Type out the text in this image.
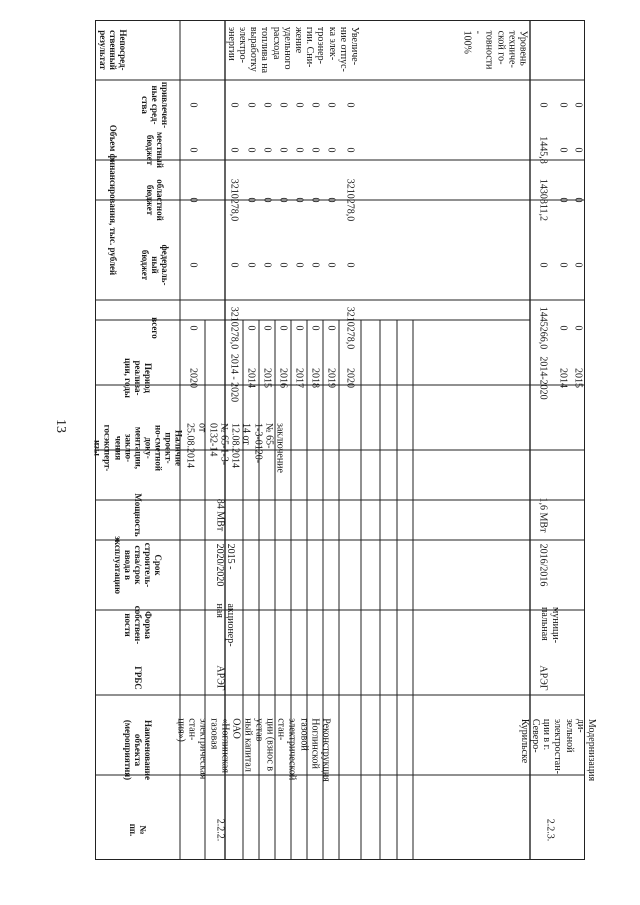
13
Непосред-
ственный
результат
Объем финансирования, тыс. рублей
привлечен-
ные сред-
ства
местный
бюджет
областной
бюджет
федераль-
ный бюджет
всего
Период реализа-
ции, годы
Наличие проект-
но-сметной доку-
ментации, заклю-
чения госэксперт-
изы
Мощность
Срок строитель-
ства/срок ввода в
эксплуатацию
Форма собствен-
ности
ГРБС
Наименование объекта
(мероприятия)
№
пп.
0
0
0
0
0
2020
Увеличе-
ние отпус-
ка элек-
троэнер-
гии. Сни-
жение
удельного
расхода
топлива на
выработку
электро-
энергии
заключение № 65-
1-3-0120-14 от
12.08.2014
№ 65-1-3-0132-14
от 25.08.2014
84 МВт
2015 -
2020/2020
акционер-
ная
АРЭГ
Реконструкция
Ноглинской газовой
электрической стан-
ции (взнос в устав-
ный капитал ОАО
«Ноглинская газовая
электрическая стан-
ция»)
2.2.2.
0
0
3210278,0
0
3210278,0
2014 - 2020
0
0
0
0
0
2014
0
0
0
0
0
2015
0
0
0
0
0
2016
0
0
0
0
0
2017
0
0
0
0
0
2018
0
0
0
0
0
2019
0
0
3210278,0
0
3210278,0
2020
Уровень
техниче-
ской го-
товности -
100%
1,6 МВт
2016/2016
муници-
пальная
АРЭГ
Модернизация ди-
зельной электростан-
ции в г. Северо-
Курильске
2.2.3.
0
1445,8
1430811,2
0
1445266,0
2014-2020
0
0
0
0
0
2014
0
0
0
0
0
2015
